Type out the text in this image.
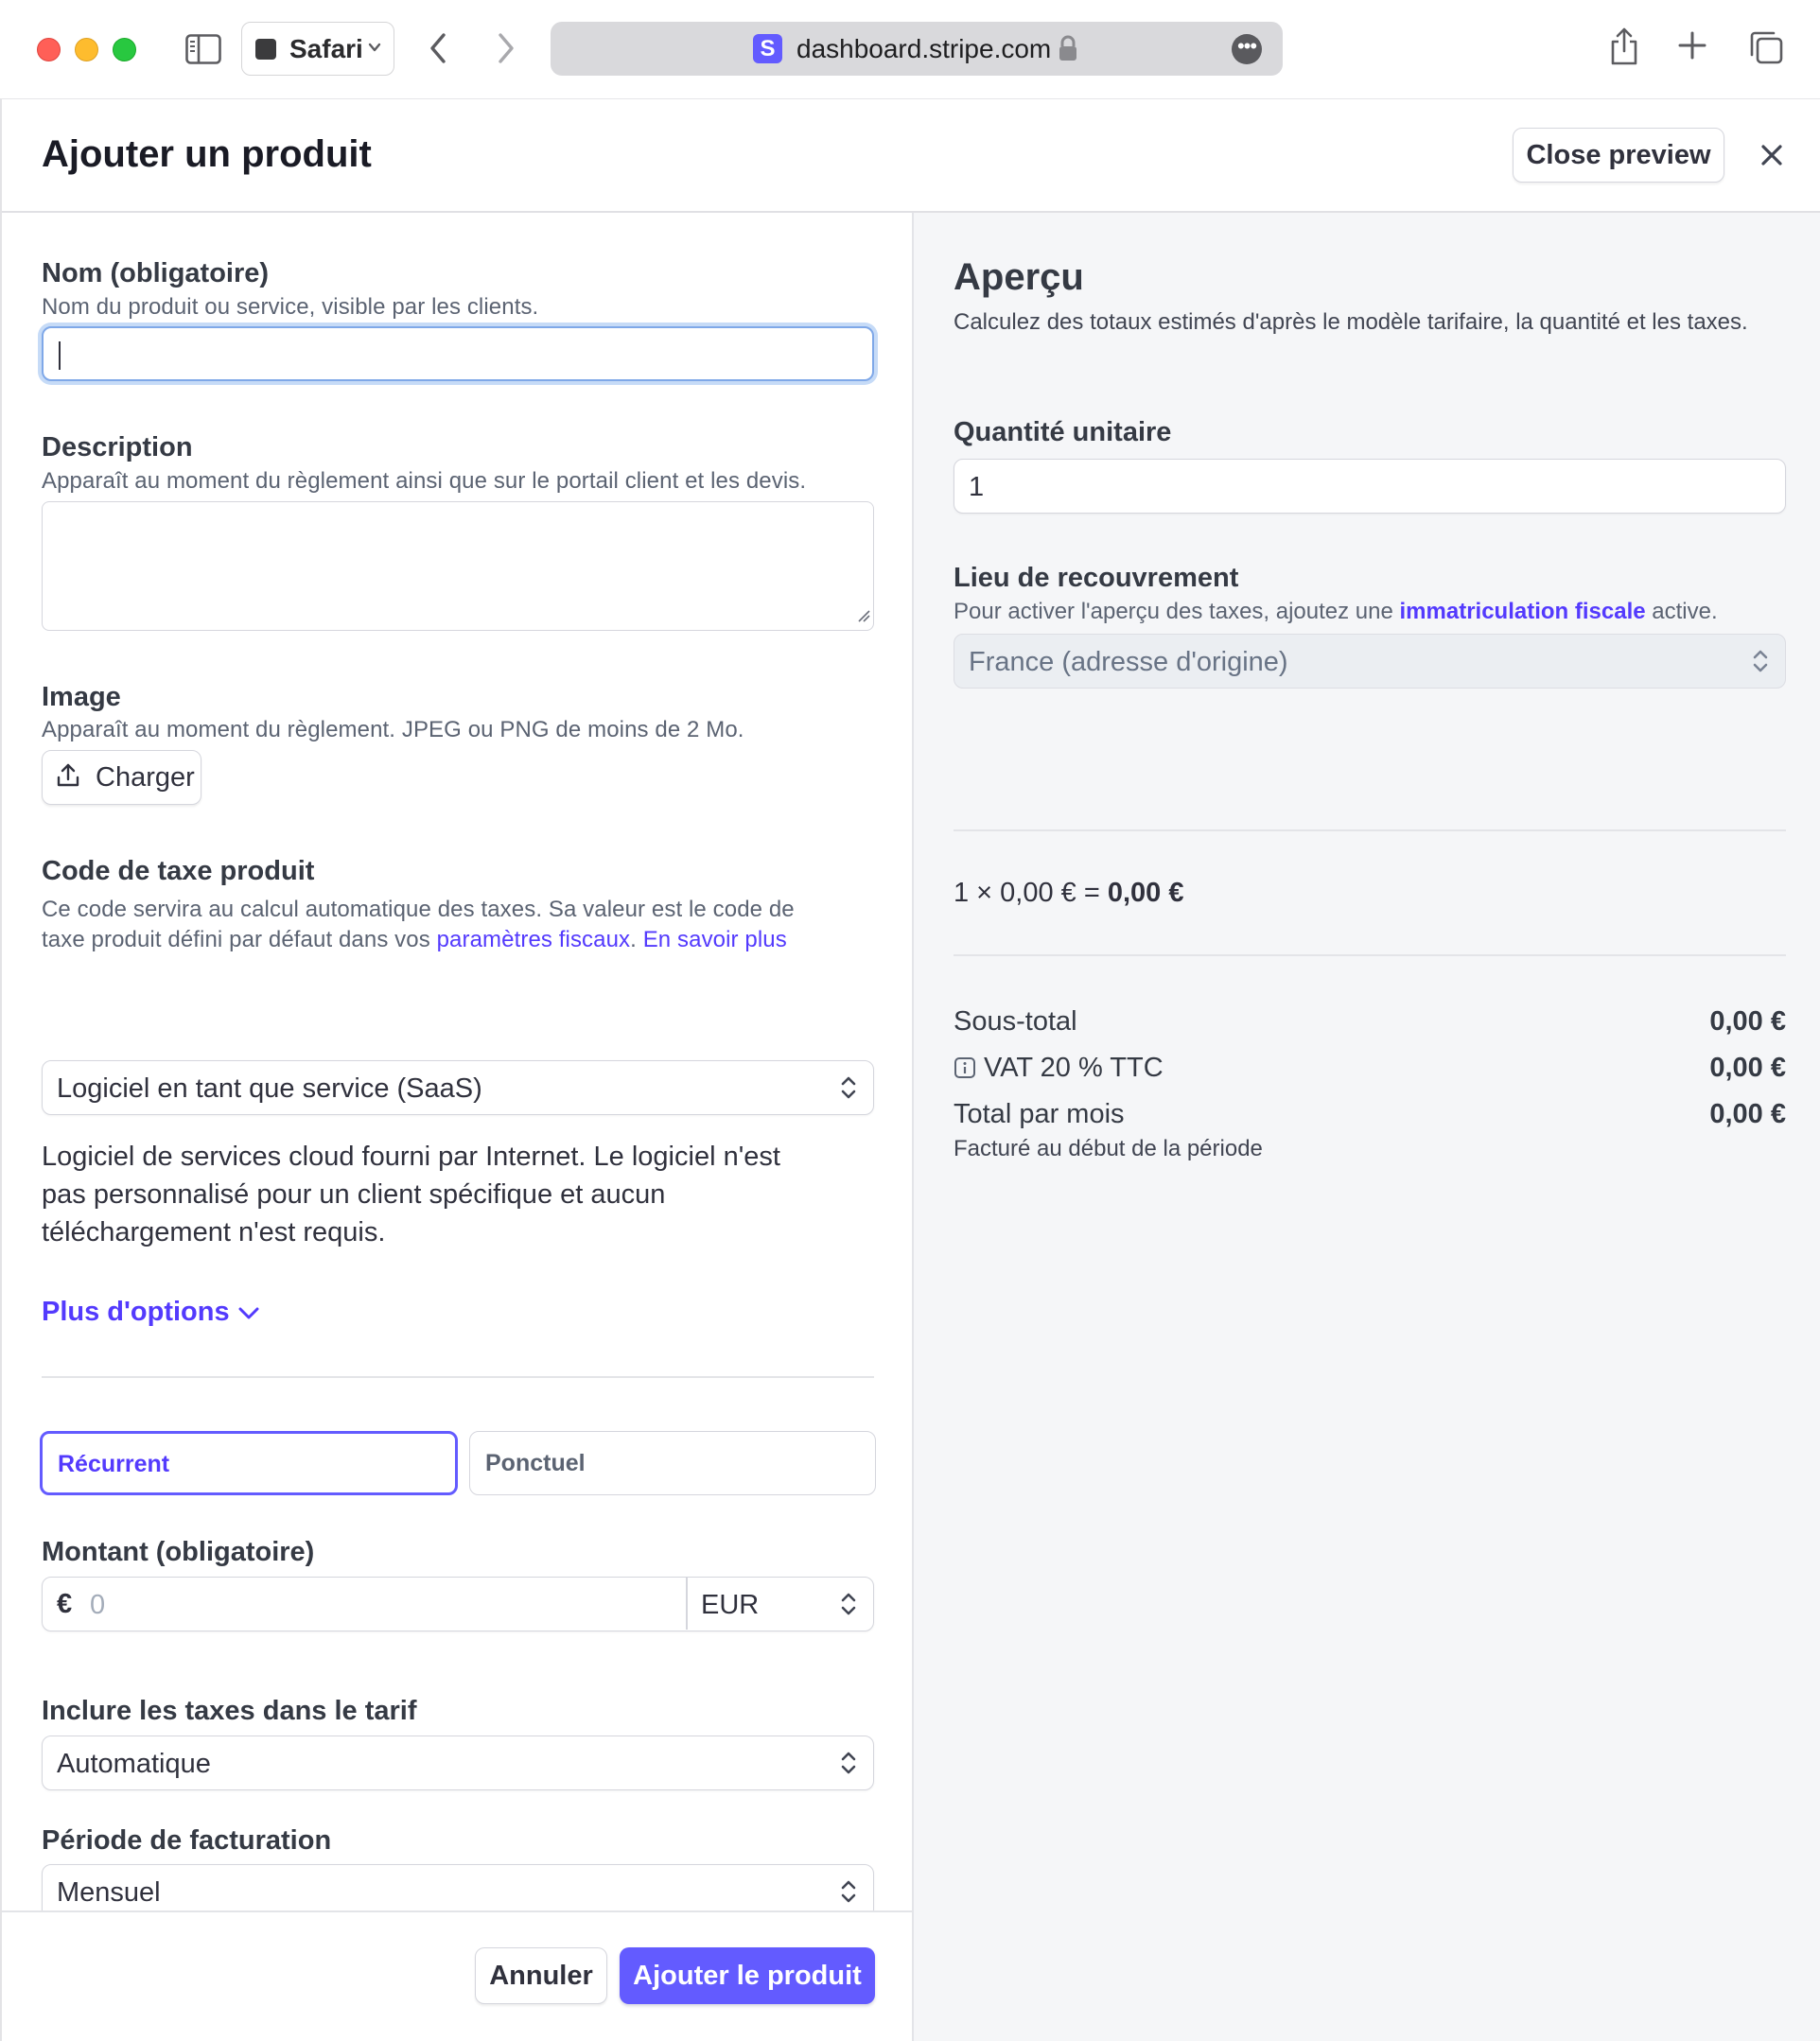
Safari	S dashboard.stripe.com	•••
Ajouter un produit	Close preview
Nom (obligatoire)
Nom du produit ou service, visible par les clients.
Description
Apparaît au moment du règlement ainsi que sur le portail client et les devis.
Image
Apparaît au moment du règlement. JPEG ou PNG de moins de 2 Mo.
Charger
Code de taxe produit
Ce code servira au calcul automatique des taxes. Sa valeur est le code de
taxe produit défini par défaut dans vos paramètres fiscaux. En savoir plus
Logiciel en tant que service (SaaS)
Logiciel de services cloud fourni par Internet. Le logiciel n'est pas personnalisé pour un client spécifique et aucun téléchargement n'est requis.
Plus d'options
Récurrent	Ponctuel
Montant (obligatoire)
€ 0	EUR
Inclure les taxes dans le tarif
Automatique
Période de facturation
Mensuel
Annuler	Ajouter le produit
Aperçu
Calculez des totaux estimés d'après le modèle tarifaire, la quantité et les taxes.
Quantité unitaire
1
Lieu de recouvrement
Pour activer l'aperçu des taxes, ajoutez une immatriculation fiscale active.
France (adresse d'origine)
1 × 0,00 € = 0,00 €
Sous-total	0,00 €
VAT 20 % TTC	0,00 €
Total par mois	0,00 €
Facturé au début de la période
